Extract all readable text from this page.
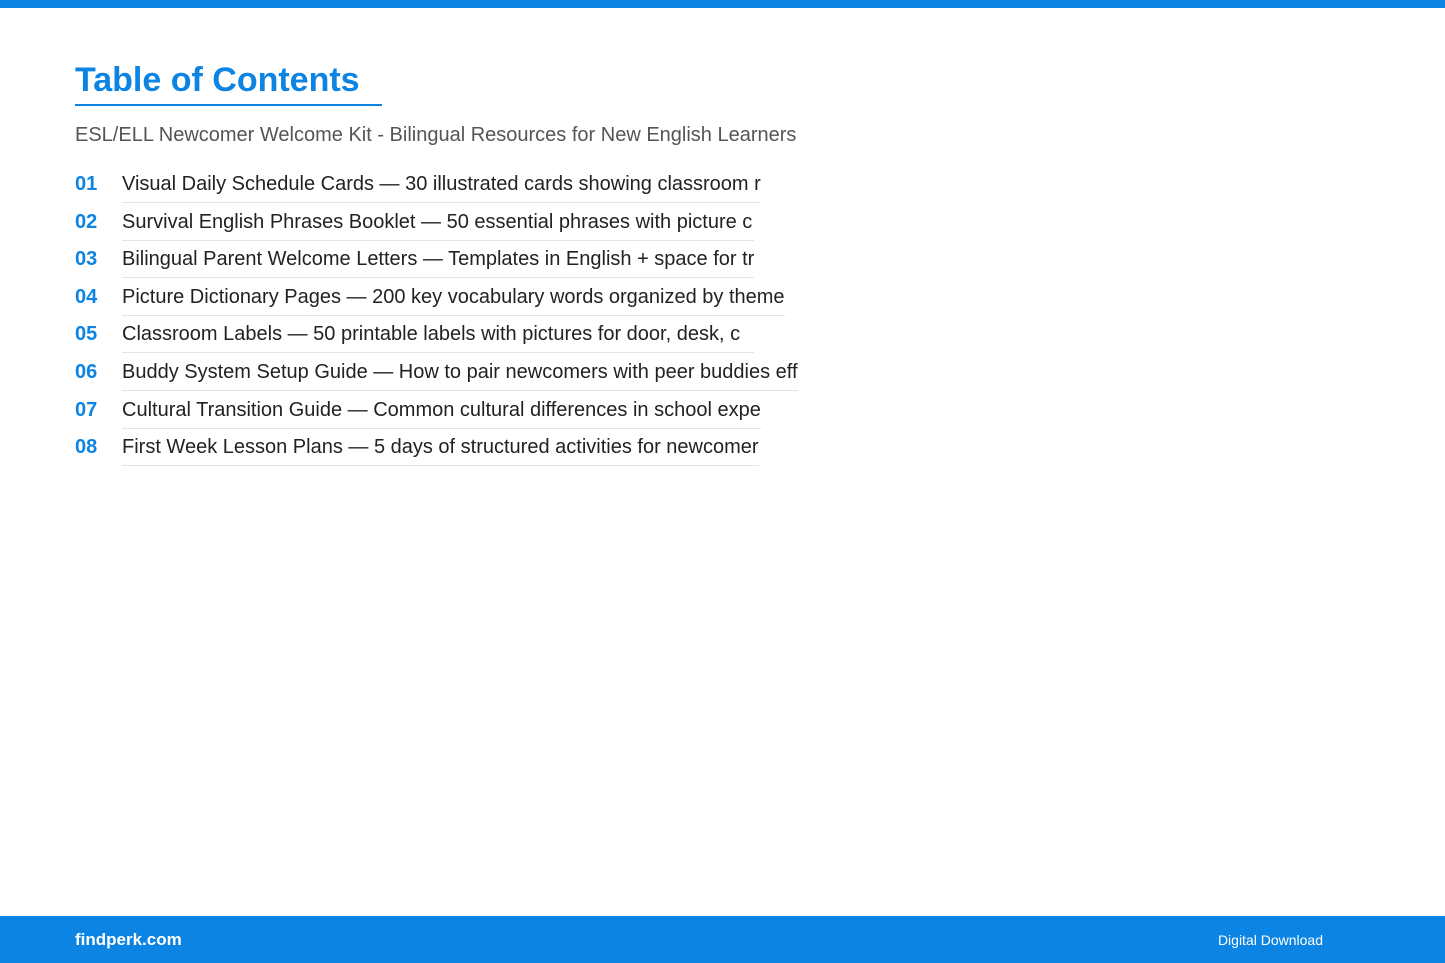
Table of Contents
ESL/ELL Newcomer Welcome Kit - Bilingual Resources for New English Learners
01	Visual Daily Schedule Cards — 30 illustrated cards showing classroom r
02	Survival English Phrases Booklet — 50 essential phrases with picture c
03	Bilingual Parent Welcome Letters — Templates in English + space for tr
04	Picture Dictionary Pages — 200 key vocabulary words organized by theme
05	Classroom Labels — 50 printable labels with pictures for door, desk, c
06	Buddy System Setup Guide — How to pair newcomers with peer buddies eff
07	Cultural Transition Guide — Common cultural differences in school expe
08	First Week Lesson Plans — 5 days of structured activities for newcomer
findperk.com	Digital Download
